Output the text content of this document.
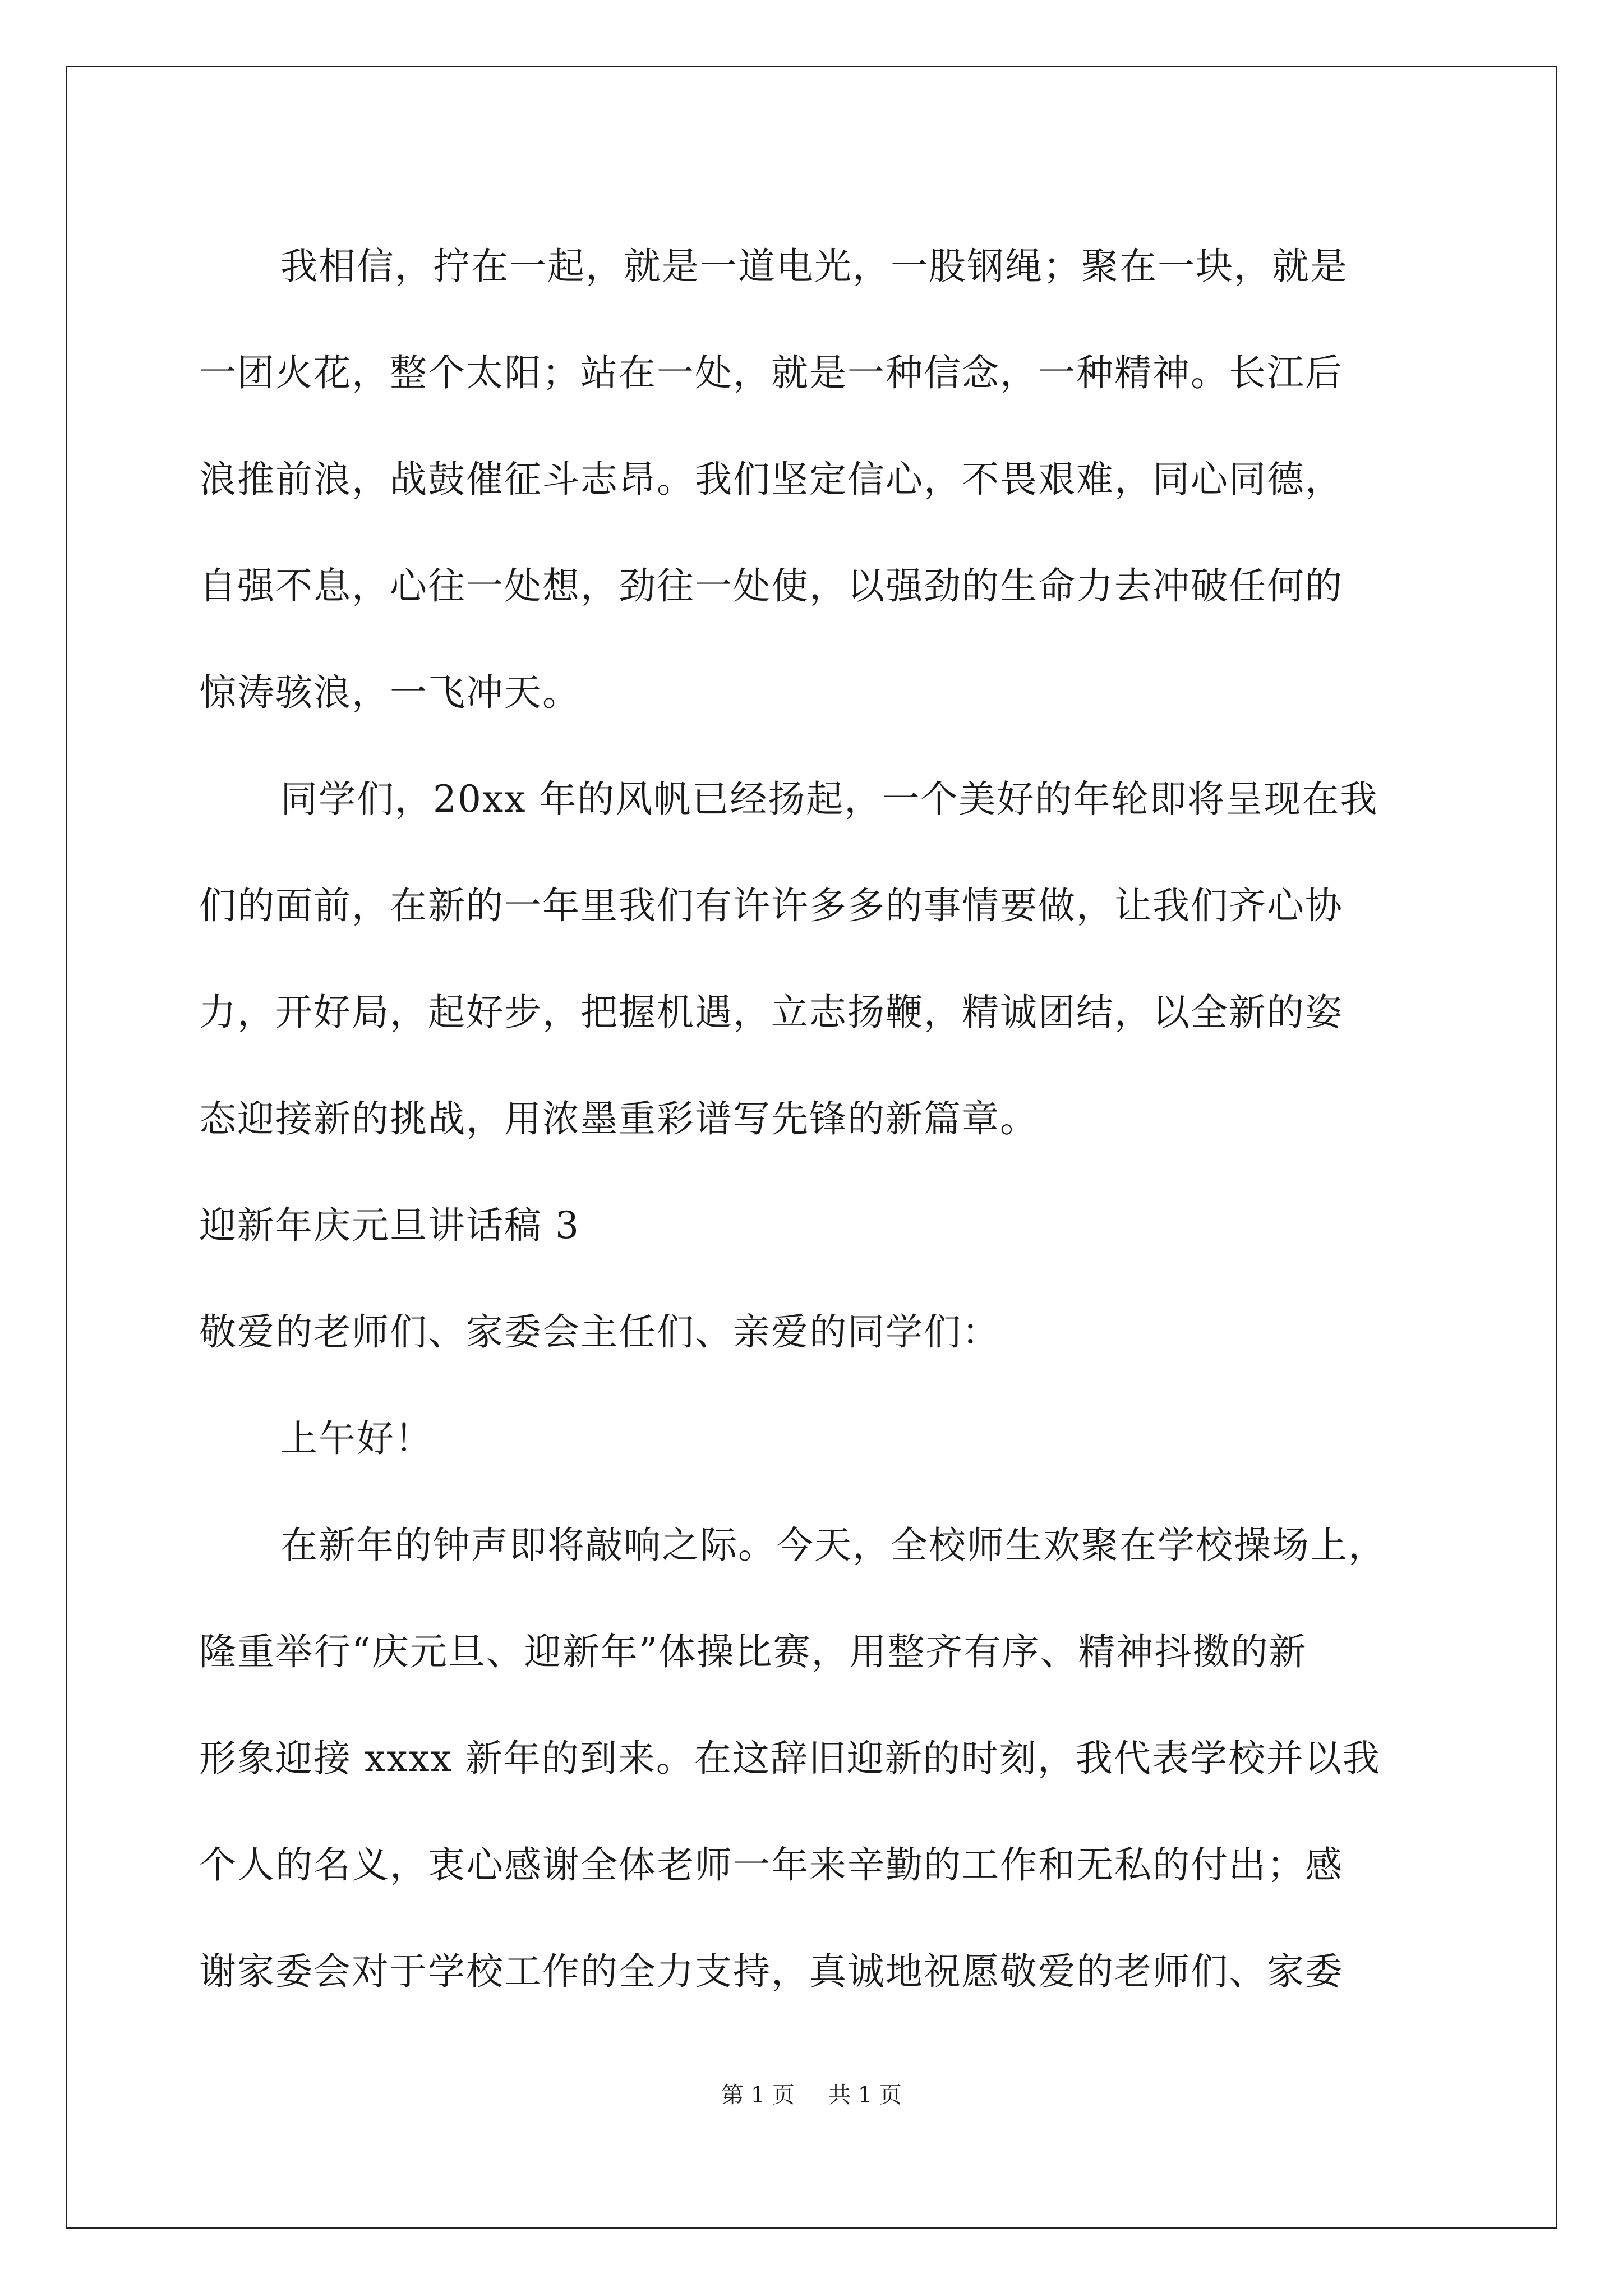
我相信，拧在一起，就是一道电光，一股钢绳；聚在一块，就是
一团火花，整个太阳；站在一处，就是一种信念，一种精神。长江后
浪推前浪，战鼓催征斗志昂。我们坚定信心，不畏艰难，同心同德，
自强不息，心往一处想，劲往一处使，以强劲的生命力去冲破任何的
惊涛骇浪，一飞冲天。
同学们，20xx 年的风帆已经扬起，一个美好的年轮即将呈现在我
们的面前，在新的一年里我们有许许多多的事情要做，让我们齐心协
力，开好局，起好步，把握机遇，立志扬鞭，精诚团结，以全新的姿
态迎接新的挑战，用浓墨重彩谱写先锋的新篇章。
迎新年庆元旦讲话稿 3
敬爱的老师们、家委会主任们、亲爱的同学们：
上午好！
在新年的钟声即将敲响之际。今天，全校师生欢聚在学校操场上，
隆重举行“庆元旦、迎新年”体操比赛，用整齐有序、精神抖擞的新
形象迎接 xxxx 新年的到来。在这辞旧迎新的时刻，我代表学校并以我
个人的名义，衷心感谢全体老师一年来辛勤的工作和无私的付出；感
谢家委会对于学校工作的全力支持，真诚地祝愿敬爱的老师们、家委
第 1 页 共 1 页
